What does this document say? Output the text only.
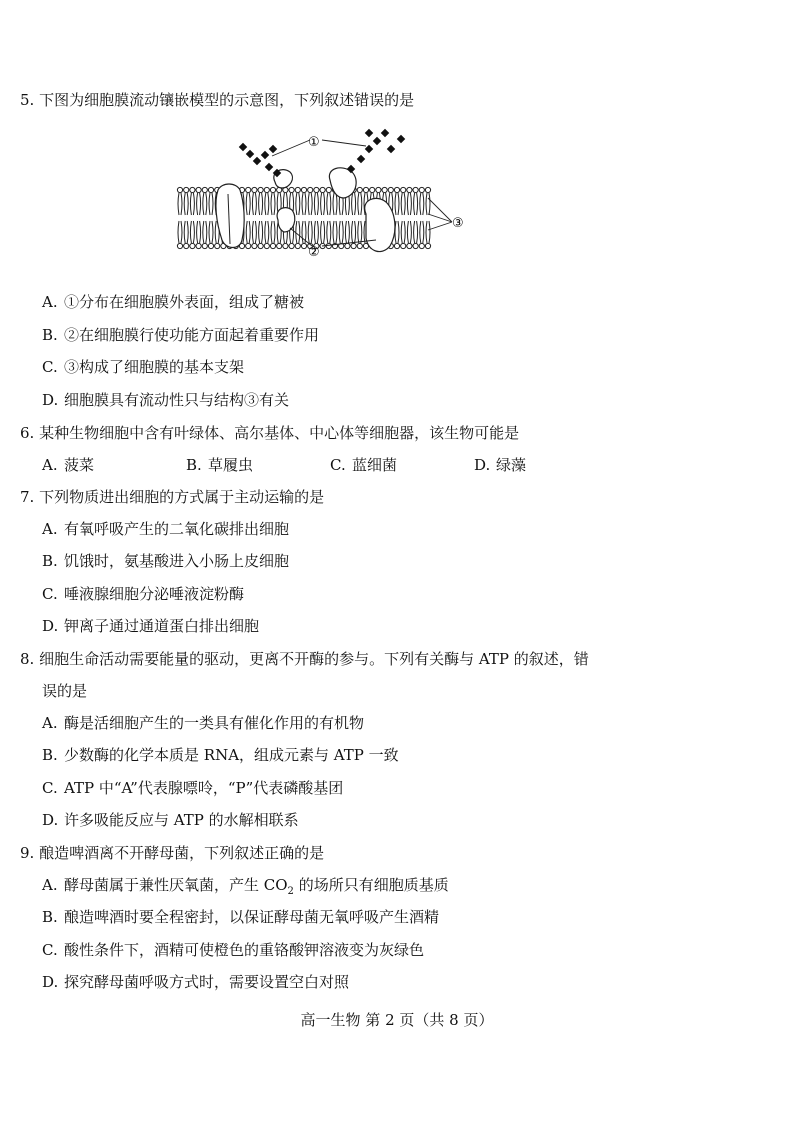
5. 下图为细胞膜流动镶嵌模型的示意图，下列叙述错误的是
①
②
③
A. ①分布在细胞膜外表面，组成了糖被
B. ②在细胞膜行使功能方面起着重要作用
C. ③构成了细胞膜的基本支架
D. 细胞膜具有流动性只与结构③有关
6. 某种生物细胞中含有叶绿体、高尔基体、中心体等细胞器，该生物可能是
A. 菠菜	B. 草履虫	C. 蓝细菌	D. 绿藻
7. 下列物质进出细胞的方式属于主动运输的是
A. 有氧呼吸产生的二氧化碳排出细胞
B. 饥饿时，氨基酸进入小肠上皮细胞
C. 唾液腺细胞分泌唾液淀粉酶
D. 钾离子通过通道蛋白排出细胞
8. 细胞生命活动需要能量的驱动，更离不开酶的参与。下列有关酶与 ATP 的叙述，错
误的是
A. 酶是活细胞产生的一类具有催化作用的有机物
B. 少数酶的化学本质是 RNA，组成元素与 ATP 一致
C. ATP 中“A”代表腺嘌呤，“P”代表磷酸基团
D. 许多吸能反应与 ATP 的水解相联系
9. 酿造啤酒离不开酵母菌，下列叙述正确的是
A. 酵母菌属于兼性厌氧菌，产生 $CO_2$ 的场所只有细胞质基质
B. 酿造啤酒时要全程密封，以保证酵母菌无氧呼吸产生酒精
C. 酸性条件下，酒精可使橙色的重铬酸钾溶液变为灰绿色
D. 探究酵母菌呼吸方式时，需要设置空白对照
高一生物 第 2 页（共 8 页）
